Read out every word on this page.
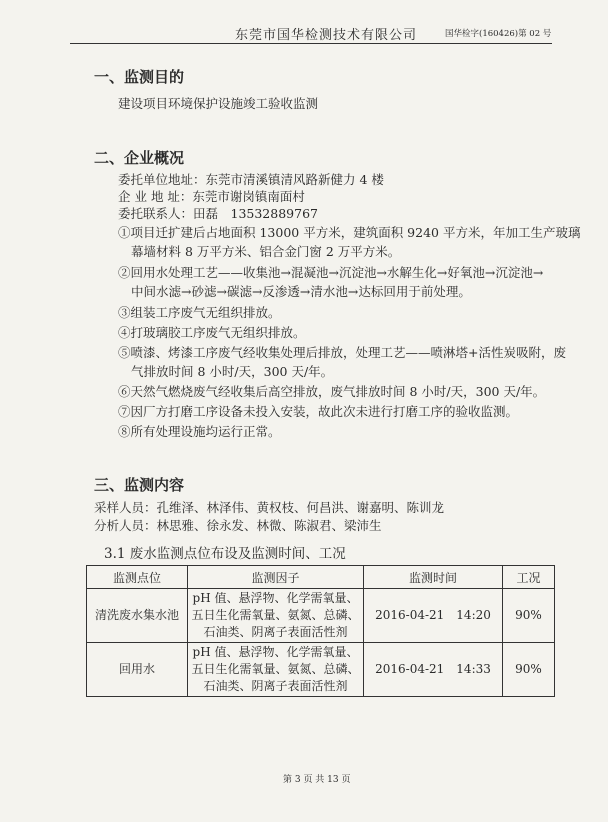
东莞市国华检测技术有限公司	国华检字(160426)第 02 号
一、监测目的
建设项目环境保护设施竣工验收监测
二、企业概况
委托单位地址：东莞市清溪镇清风路新健力 4 楼
企 业 地 址：东莞市谢岗镇南面村
委托联系人：田磊　13532889767
①项目迁扩建后占地面积 13000 平方米，建筑面积 9240 平方米，年加工生产玻璃
幕墙材料 8 万平方米、铝合金门窗 2 万平方米。
②回用水处理工艺——收集池→混凝池→沉淀池→水解生化→好氧池→沉淀池→
中间水滤→砂滤→碳滤→反渗透→清水池→达标回用于前处理。
③组装工序废气无组织排放。
④打玻璃胶工序废气无组织排放。
⑤喷漆、烤漆工序废气经收集处理后排放，处理工艺——喷淋塔+活性炭吸附，废
气排放时间 8 小时/天，300 天/年。
⑥天然气燃烧废气经收集后高空排放，废气排放时间 8 小时/天，300 天/年。
⑦因厂方打磨工序设备未投入安装，故此次未进行打磨工序的验收监测。
⑧所有处理设施均运行正常。
三、监测内容
采样人员：孔维泽、林泽伟、黄权枝、何昌洪、谢嘉明、陈训龙
分析人员：林思雅、徐永发、林微、陈淑君、梁沛生
3.1 废水监测点位布设及监测时间、工况
监测点位	监测因子	监测时间	工况
清洗废水集水池	pH 值、悬浮物、化学需氧量、五日生化需氧量、氨氮、总磷、石油类、阴离子表面活性剂	2016-04-21　14:20	90%
回用水	pH 值、悬浮物、化学需氧量、五日生化需氧量、氨氮、总磷、石油类、阴离子表面活性剂	2016-04-21　14:33	90%
第 3 页 共 13 页
